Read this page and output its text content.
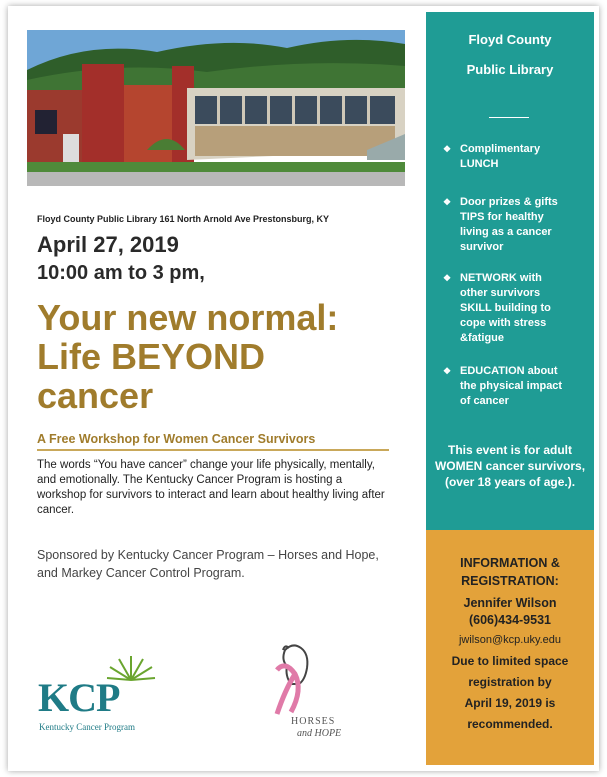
Floyd County Public Library 161 North Arnold Ave Prestonsburg, KY
April 27, 2019
10:00 am to 3 pm,
Your new normal:
Life BEYOND
cancer
A Free Workshop for Women Cancer Survivors
The words “You have cancer” change your life physically, mentally, and emotionally. The Kentucky Cancer Program is hosting a workshop for survivors to interact and learn about healthy living after cancer.
Sponsored by Kentucky Cancer Program – Horses and Hope, and Markey Cancer Control Program.
KCP
Kentucky Cancer Program	HORSES
and HOPE
Floyd County
Public Library
❖ Complimentary
LUNCH
❖ Door prizes & gifts
TIPS for healthy
living as a cancer
survivor
❖ NETWORK with
other survivors
SKILL building to
cope with stress
&fatigue
❖ EDUCATION about
the physical impact
of cancer
This event is for adult WOMEN cancer survivors, (over 18 years of age.).
INFORMATION &
REGISTRATION:
Jennifer Wilson
(606)434-9531
jwilson@kcp.uky.edu
Due to limited space
registration by
April 19, 2019 is
recommended.
